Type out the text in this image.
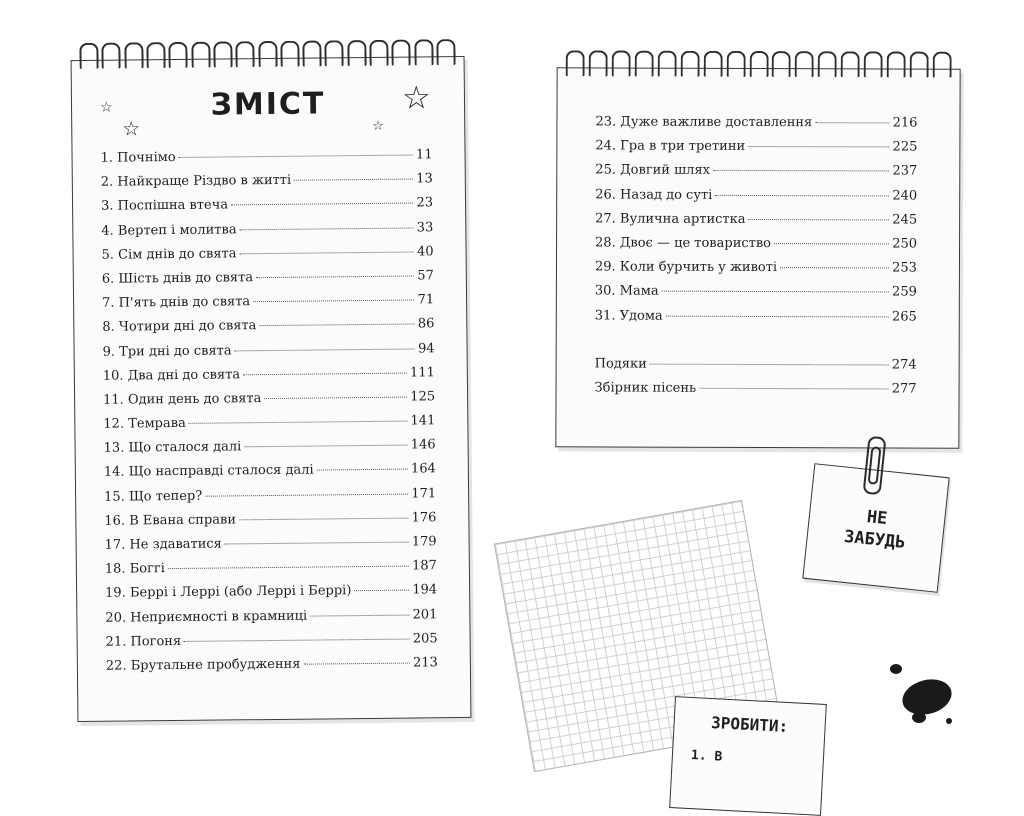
☆
☆
☆
☆
ЗМІСТ
1. Почнімо	11
2. Найкраще Різдво в житті	13
3. Поспішна втеча	23
4. Вертеп і молитва	33
5. Сім днів до свята	40
6. Шість днів до свята	57
7. П'ять днів до свята	71
8. Чотири дні до свята	86
9. Три дні до свята	94
10. Два дні до свята	111
11. Один день до свята	125
12. Темрава	141
13. Що сталося далі	146
14. Що насправді сталося далі	164
15. Що тепер?	171
16. В Евана справи	176
17. Не здаватися	179
18. Боггі	187
19. Беррі і Леррі (або Леррі і Беррі)	194
20. Неприємності в крамниці	201
21. Погоня	205
22. Брутальне пробудження	213
23. Дуже важливе доставлення	216
24. Гра в три третини	225
25. Довгий шлях	237
26. Назад до суті	240
27. Вулична артистка	245
28. Двоє — це товариство	250
29. Коли бурчить у животі	253
30. Мама	259
31. Удома	265
Подяки	274
Збірник пісень	277
НЕ
ЗАБУДЬ
ЗРОБИТИ:
1. В
